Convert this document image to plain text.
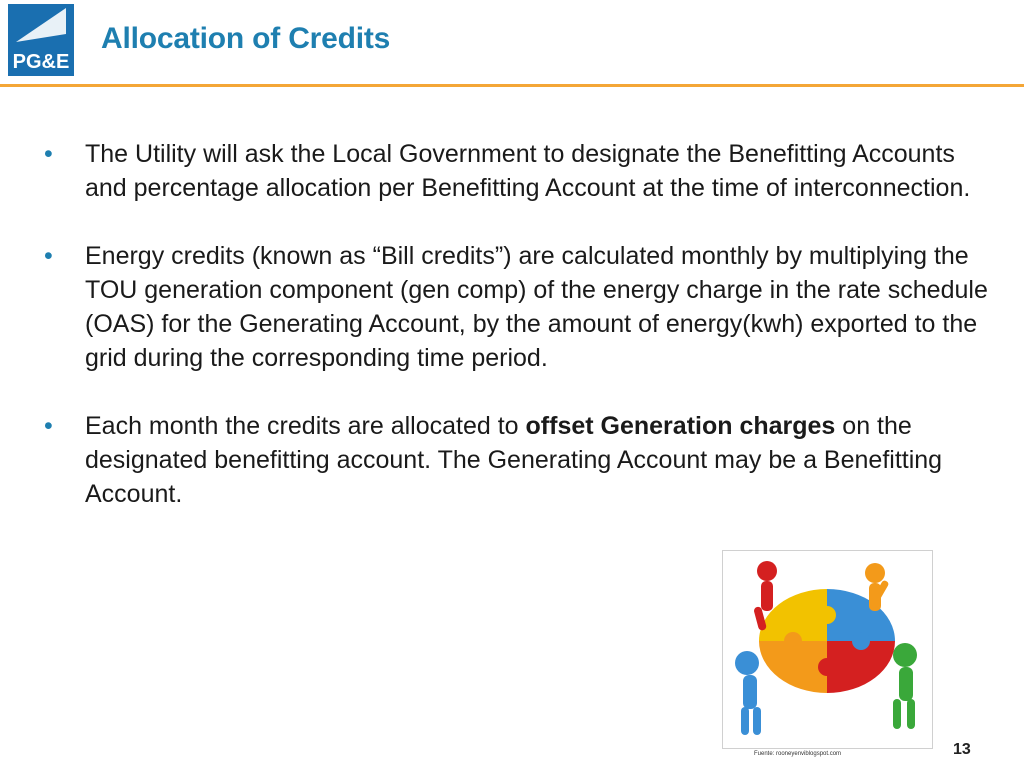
PG&E
Allocation of Credits
• The Utility will ask the Local Government to designate the Benefitting Accounts and percentage allocation per Benefitting Account at the time of interconnection.
• Energy credits (known as “Bill credits”) are calculated monthly by multiplying the TOU generation component (gen comp) of the energy charge in the rate schedule (OAS) for the Generating Account, by the amount of energy(kwh) exported to the grid during the corresponding time period.
• Each month the credits are allocated to offset Generation charges on the designated benefitting account. The Generating Account may be a Benefitting Account.
Fuente: rooneyenviblogspot.com	13
